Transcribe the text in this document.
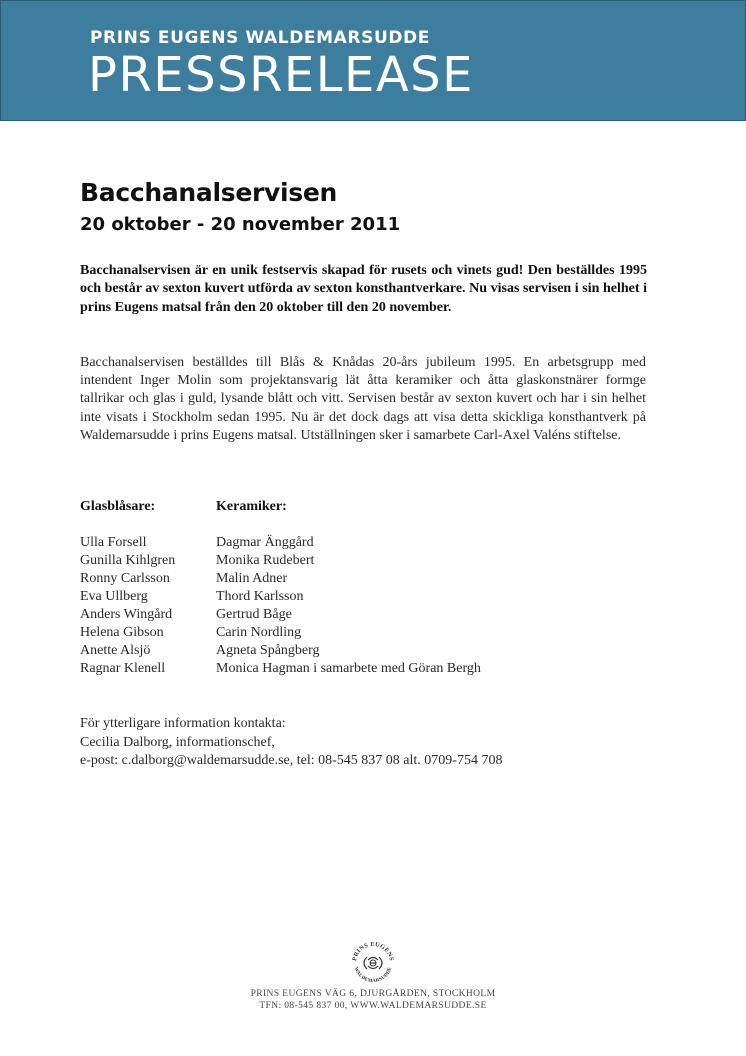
PRINS EUGENS WALDEMARSUDDE
PRESSRELEASE
Bacchanalservisen
20 oktober - 20 november 2011
Bacchanalservisen är en unik festservis skapad för rusets och vinets gud! Den beställdes 1995 och består av sexton kuvert utförda av sexton konsthantverkare. Nu visas servisen i sin helhet i prins Eugens matsal från den 20 oktober till den 20 november.
Bacchanalservisen beställdes till Blås & Knådas 20-års jubileum 1995. En arbetsgrupp med intendent Inger Molin som projektansvarig lät åtta keramiker och åtta glaskonstnärer formge tallrikar och glas i guld, lysande blått och vitt. Servisen består av sexton kuvert och har i sin helhet inte visats i Stockholm sedan 1995. Nu är det dock dags att visa detta skickliga konsthantverk på Waldemarsudde i prins Eugens matsal. Utställningen sker i samarbete Carl-Axel Valéns stiftelse.
Glasblåsare:
Ulla Forsell
Gunilla Kihlgren
Ronny Carlsson
Eva Ullberg
Anders Wingård
Helena Gibson
Anette Alsjö
Ragnar Klenell
Keramiker:
Dagmar Änggård
Monika Rudebert
Malin Adner
Thord Karlsson
Gertrud Båge
Carin Nordling
Agneta Spångberg
Monica Hagman i samarbete med Göran Bergh
För ytterligare information kontakta:
Cecilia Dalborg, informationschef,
e-post: c.dalborg@waldemarsudde.se, tel: 08-545 837 08 alt. 0709-754 708
PRINS EUGENS
WALDEMARSUDDE
PRINS EUGENS VÄG 6, DJURGÅRDEN, STOCKHOLM
TFN: 08-545 837 00, WWW.WALDEMARSUDDE.SE
